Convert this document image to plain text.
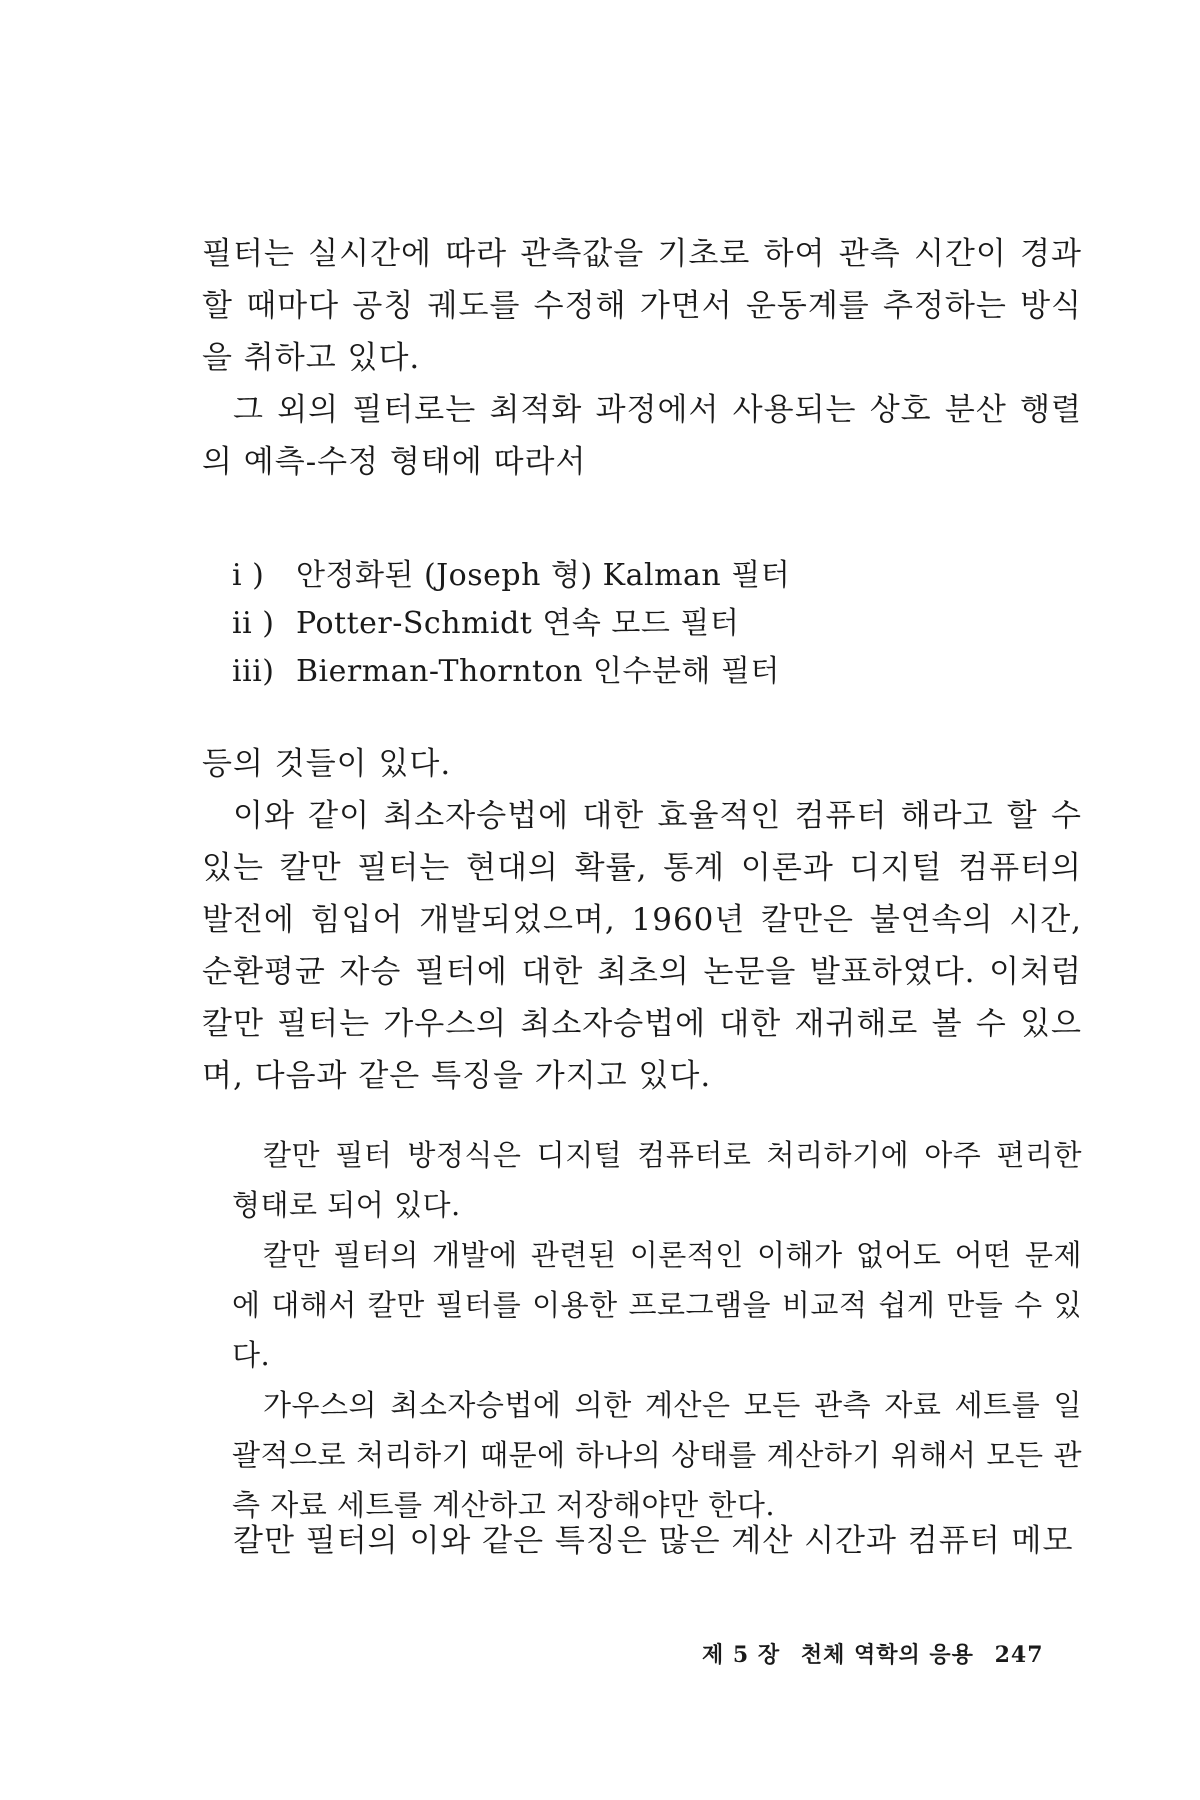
필터는 실시간에 따라 관측값을 기초로 하여 관측 시간이 경과할 때마다 공칭 궤도를 수정해 가면서 운동계를 추정하는 방식을 취하고 있다.

그 외의 필터로는 최적화 과정에서 사용되는 상호 분산 행렬의 예측-수정 형태에 따라서

i )	안정화된 (Joseph 형) Kalman 필터
ii ) Potter-Schmidt 연속 모드 필터
iii) Bierman-Thornton 인수분해 필터

등의 것들이 있다.

이와 같이 최소자승법에 대한 효율적인 컴퓨터 해라고 할 수 있는 칼만 필터는 현대의 확률, 통계 이론과 디지털 컴퓨터의 발전에 힘입어 개발되었으며, 1960년 칼만은 불연속의 시간, 순환평균 자승 필터에 대한 최초의 논문을 발표하였다. 이처럼 칼만 필터는 가우스의 최소자승법에 대한 재귀해로 볼 수 있으며, 다음과 같은 특징을 가지고 있다.

칼만 필터 방정식은 디지털 컴퓨터로 처리하기에 아주 편리한 형태로 되어 있다.

칼만 필터의 개발에 관련된 이론적인 이해가 없어도 어떤 문제에 대해서 칼만 필터를 이용한 프로그램을 비교적 쉽게 만들 수 있다.

가우스의 최소자승법에 의한 계산은 모든 관측 자료 세트를 일괄적으로 처리하기 때문에 하나의 상태를 계산하기 위해서 모든 관측 자료 세트를 계산하고 저장해야만 한다.

칼만 필터의 이와 같은 특징은 많은 계산 시간과 컴퓨터 메모

제 5 장 천체 역학의 응용 247
